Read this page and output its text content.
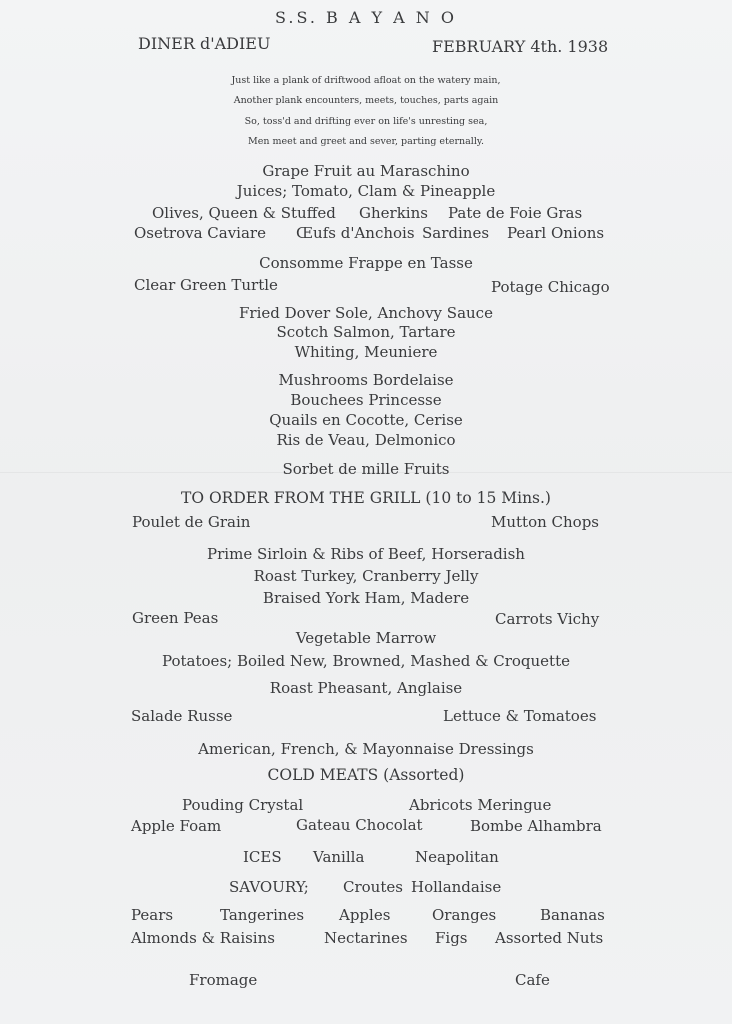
S.S. B A Y A N O
DINER d'ADIEU	FEBRUARY 4th. 1938
Just like a plank of driftwood afloat on the watery main,
Another plank encounters, meets, touches, parts again
So, toss'd and drifting ever on life's unresting sea,
Men meet and greet and sever, parting eternally.
Grape Fruit au Maraschino
Juices; Tomato, Clam & Pineapple
Olives, Queen & Stuffed Gherkins Pate de Foie Gras
Osetrova Caviare Œufs d'Anchois Sardines Pearl Onions
Consomme Frappe en Tasse
Clear Green Turtle	Potage Chicago
Fried Dover Sole, Anchovy Sauce
Scotch Salmon, Tartare
Whiting, Meuniere
Mushrooms Bordelaise
Bouchees Princesse
Quails en Cocotte, Cerise
Ris de Veau, Delmonico
Sorbet de mille Fruits
TO ORDER FROM THE GRILL (10 to 15 Mins.)
Poulet de Grain	Mutton Chops
Prime Sirloin & Ribs of Beef, Horseradish
Roast Turkey, Cranberry Jelly
Braised York Ham, Madere
Green Peas	Carrots Vichy
Vegetable Marrow
Potatoes; Boiled New, Browned, Mashed & Croquette
Roast Pheasant, Anglaise
Salade Russe	Lettuce & Tomatoes
American, French, & Mayonnaise Dressings
COLD MEATS (Assorted)
Pouding Crystal	Abricots Meringue
Apple Foam	Gateau Chocolat	Bombe Alhambra
ICES Vanilla	Neapolitan
SAVOURY; Croutes Hollandaise
Pears	Tangerines Apples	Oranges	Bananas
Almonds & Raisins	Nectarines Figs Assorted Nuts
Fromage	Cafe
